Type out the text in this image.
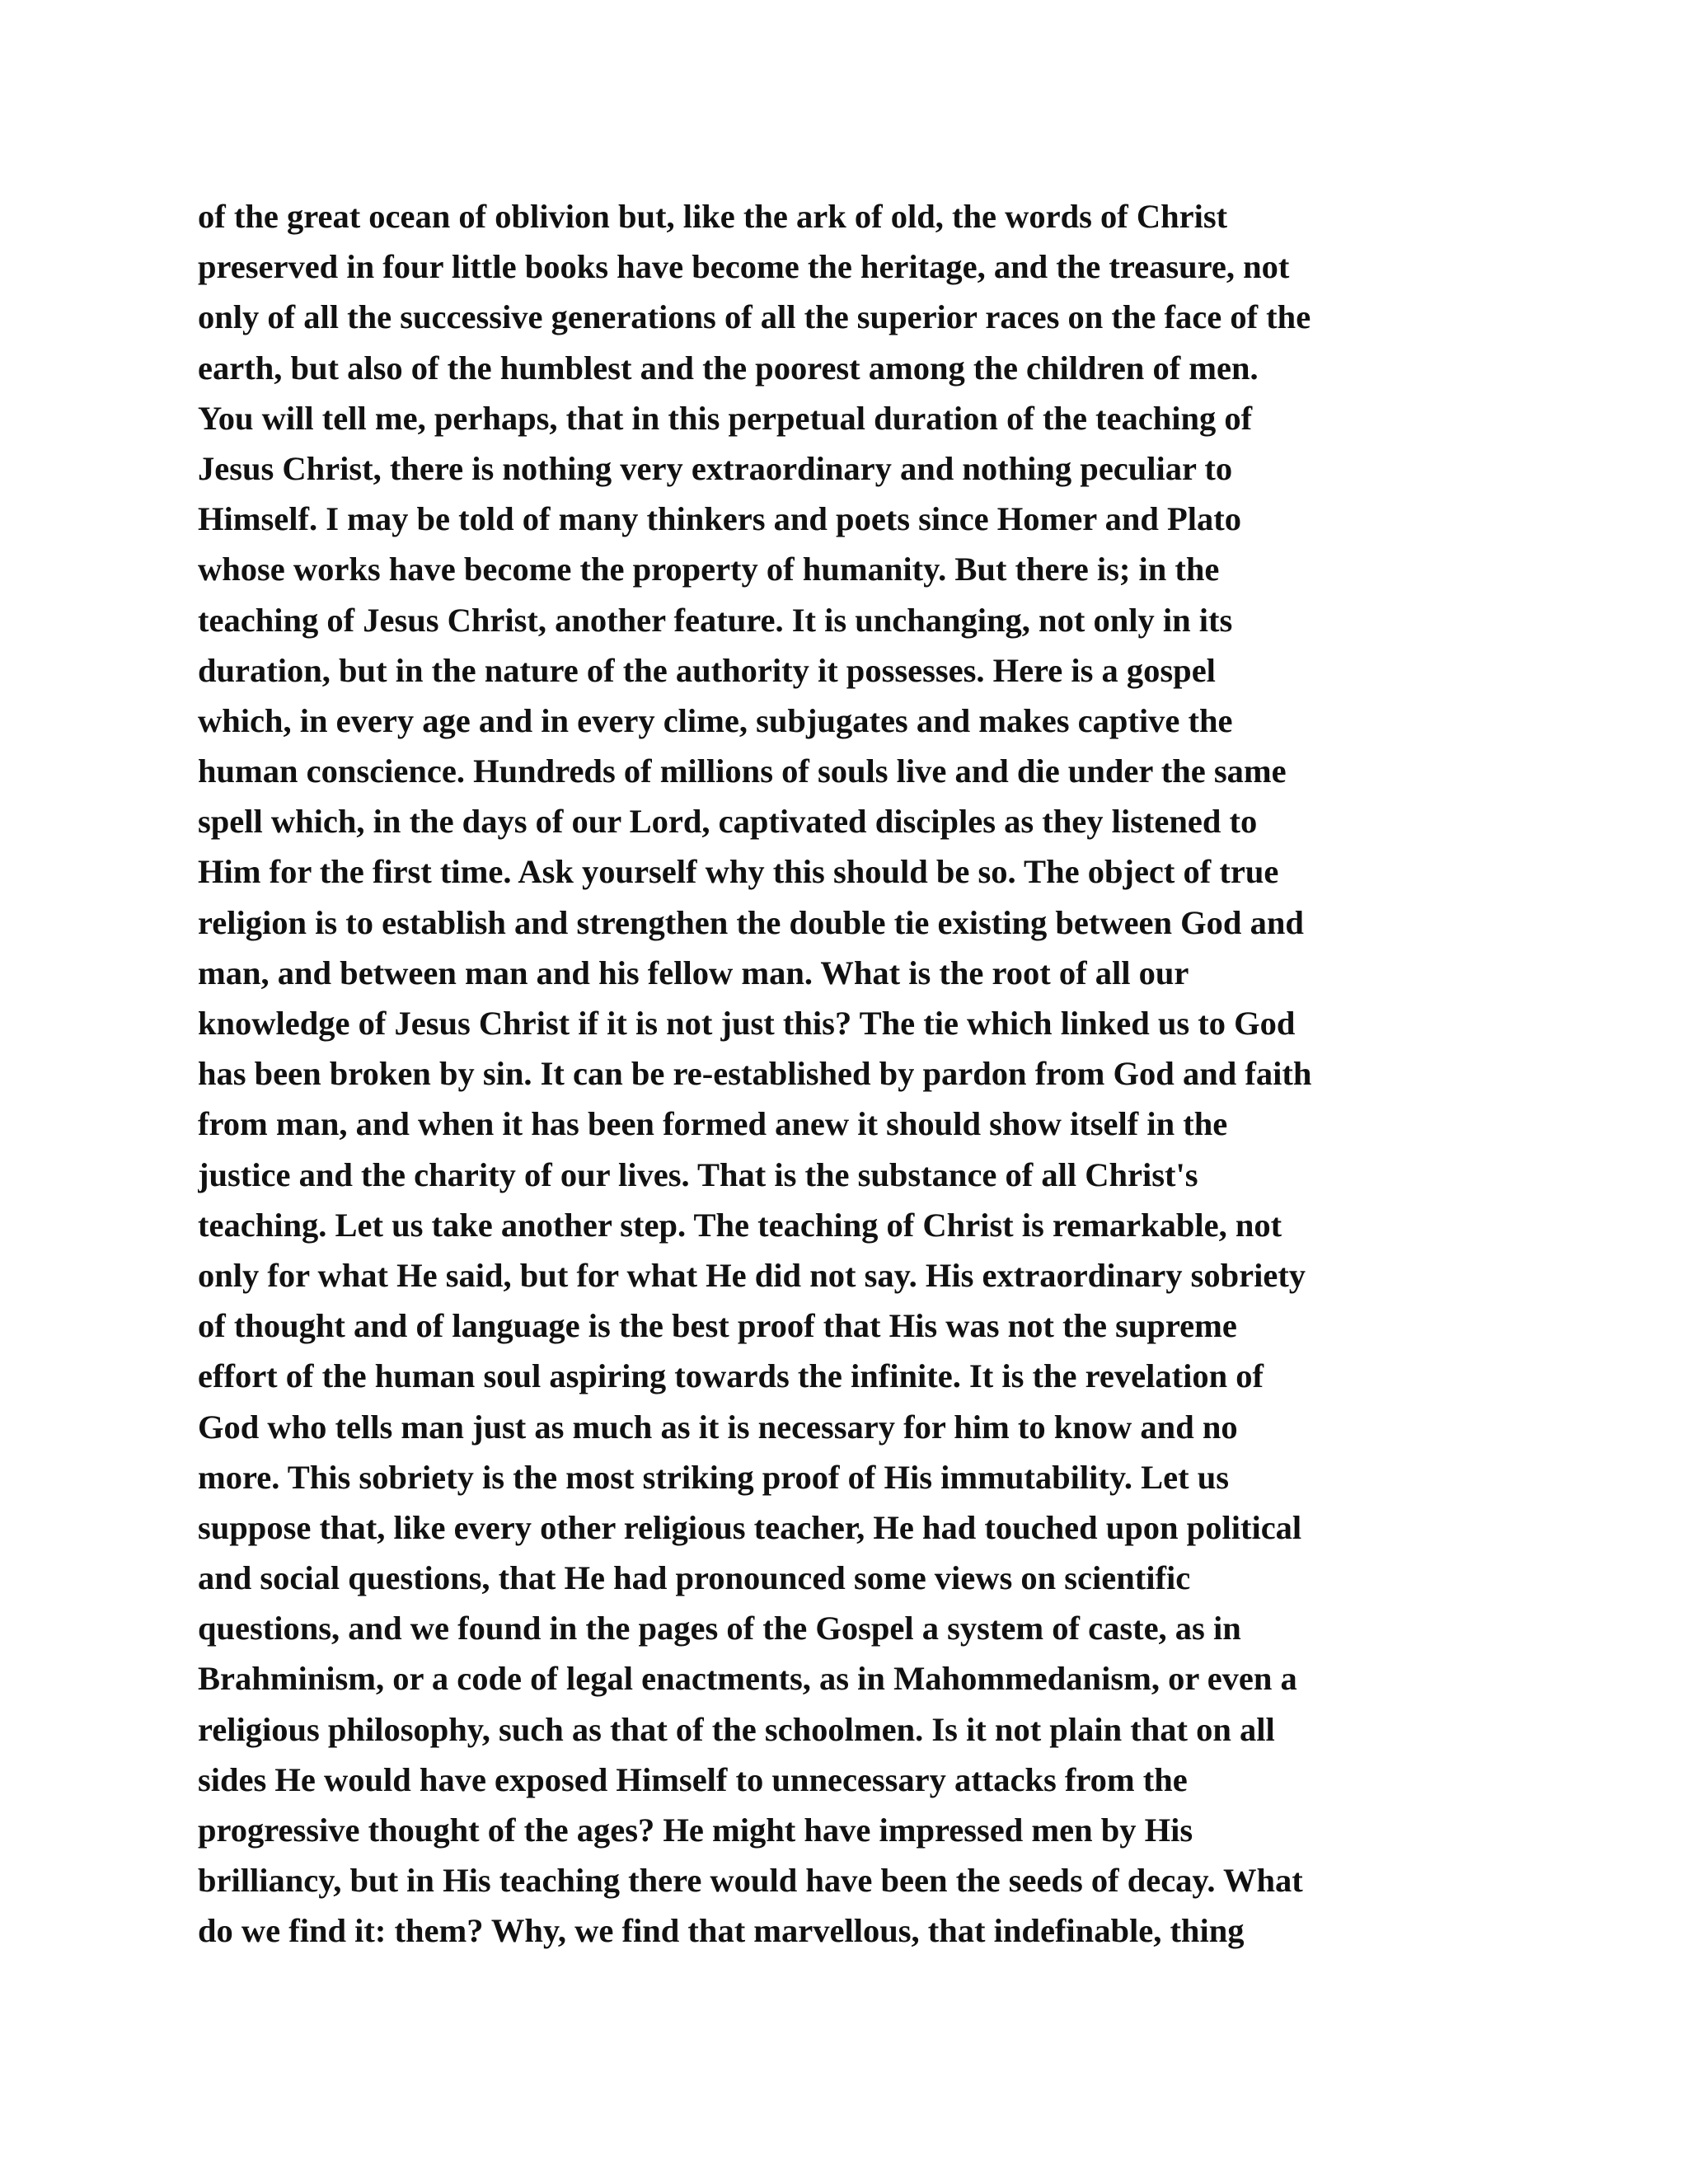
of the great ocean of oblivion but, like the ark of old, the words of Christ
preserved in four little books have become the heritage, and the treasure, not
only of all the successive generations of all the superior races on the face of the
earth, but also of the humblest and the poorest among the children of men.
You will tell me, perhaps, that in this perpetual duration of the teaching of
Jesus Christ, there is nothing very extraordinary and nothing peculiar to
Himself. I may be told of many thinkers and poets since Homer and Plato
whose works have become the property of humanity. But there is; in the
teaching of Jesus Christ, another feature. It is unchanging, not only in its
duration, but in the nature of the authority it possesses. Here is a gospel
which, in every age and in every clime, subjugates and makes captive the
human conscience. Hundreds of millions of souls live and die under the same
spell which, in the days of our Lord, captivated disciples as they listened to
Him for the first time. Ask yourself why this should be so. The object of true
religion is to establish and strengthen the double tie existing between God and
man, and between man and his fellow man. What is the root of all our
knowledge of Jesus Christ if it is not just this? The tie which linked us to God
has been broken by sin. It can be re-established by pardon from God and faith
from man, and when it has been formed anew it should show itself in the
justice and the charity of our lives. That is the substance of all Christ's
teaching. Let us take another step. The teaching of Christ is remarkable, not
only for what He said, but for what He did not say. His extraordinary sobriety
of thought and of language is the best proof that His was not the supreme
effort of the human soul aspiring towards the infinite. It is the revelation of
God who tells man just as much as it is necessary for him to know and no
more. This sobriety is the most striking proof of His immutability. Let us
suppose that, like every other religious teacher, He had touched upon political
and social questions, that He had pronounced some views on scientific
questions, and we found in the pages of the Gospel a system of caste, as in
Brahminism, or a code of legal enactments, as in Mahommedanism, or even a
religious philosophy, such as that of the schoolmen. Is it not plain that on all
sides He would have exposed Himself to unnecessary attacks from the
progressive thought of the ages? He might have impressed men by His
brilliancy, but in His teaching there would have been the seeds of decay. What
do we find it: them? Why, we find that marvellous, that indefinable, thing
